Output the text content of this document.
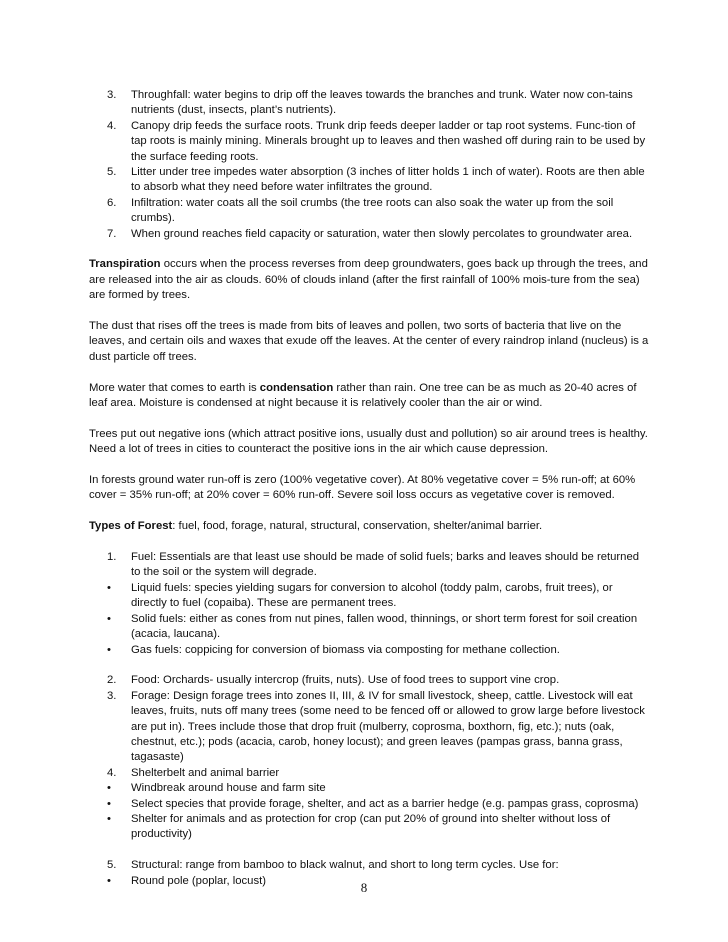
3.	Throughfall: water begins to drip off the leaves towards the branches and trunk. Water now con-tains nutrients (dust, insects, plant’s nutrients).
4.	Canopy drip feeds the surface roots. Trunk drip feeds deeper ladder or tap root systems. Func-tion of tap roots is mainly mining. Minerals brought up to leaves and then washed off during rain to be used by the surface feeding roots.
5.	Litter under tree impedes water absorption (3 inches of litter holds 1 inch of water). Roots are then able to absorb what they need before water infiltrates the ground.
6.	Infiltration: water coats all the soil crumbs (the tree roots can also soak the water up from the soil crumbs).
7.	When ground reaches field capacity or saturation, water then slowly percolates to groundwater area.

Transpiration occurs when the process reverses from deep groundwaters, goes back up through the trees, and are released into the air as clouds. 60% of clouds inland (after the first rainfall of 100% mois-ture from the sea) are formed by trees.

The dust that rises off the trees is made from bits of leaves and pollen, two sorts of bacteria that live on the leaves, and certain oils and waxes that exude off the leaves. At the center of every raindrop inland (nucleus) is a dust particle off trees.

More water that comes to earth is condensation rather than rain. One tree can be as much as 20-40 acres of leaf area. Moisture is condensed at night because it is relatively cooler than the air or wind.

Trees put out negative ions (which attract positive ions, usually dust and pollution) so air around trees is healthy. Need a lot of trees in cities to counteract the positive ions in the air which cause depression.

In forests ground water run-off is zero (100% vegetative cover). At 80% vegetative cover = 5% run-off; at 60% cover = 35% run-off; at 20% cover = 60% run-off. Severe soil loss occurs as vegetative cover is removed.

Types of Forest: fuel, food, forage, natural, structural, conservation, shelter/animal barrier.

1.	Fuel: Essentials are that least use should be made of solid fuels; barks and leaves should be returned to the soil or the system will degrade.
•	Liquid fuels: species yielding sugars for conversion to alcohol (toddy palm, carobs, fruit trees), or directly to fuel (copaiba). These are permanent trees.
•	Solid fuels: either as cones from nut pines, fallen wood, thinnings, or short term forest for soil creation (acacia, laucana).
•	Gas fuels: coppicing for conversion of biomass via composting for methane collection.
2.	Food: Orchards- usually intercrop (fruits, nuts). Use of food trees to support vine crop.
3.	Forage: Design forage trees into zones II, III, & IV for small livestock, sheep, cattle. Livestock will eat leaves, fruits, nuts off many trees (some need to be fenced off or allowed to grow large before livestock are put in). Trees include those that drop fruit (mulberry, coprosma, boxthorn, fig, etc.); nuts (oak, chestnut, etc.); pods (acacia, carob, honey locust); and green leaves (pampas grass, banna grass, tagasaste)
4.	Shelterbelt and animal barrier
•	Windbreak around house and farm site
•	Select species that provide forage, shelter, and act as a barrier hedge (e.g. pampas grass, coprosma)
•	Shelter for animals and as protection for crop (can put 20% of ground into shelter without loss of productivity)
5.	Structural: range from bamboo to black walnut, and short to long term cycles. Use for:
•	Round pole (poplar, locust)	8
